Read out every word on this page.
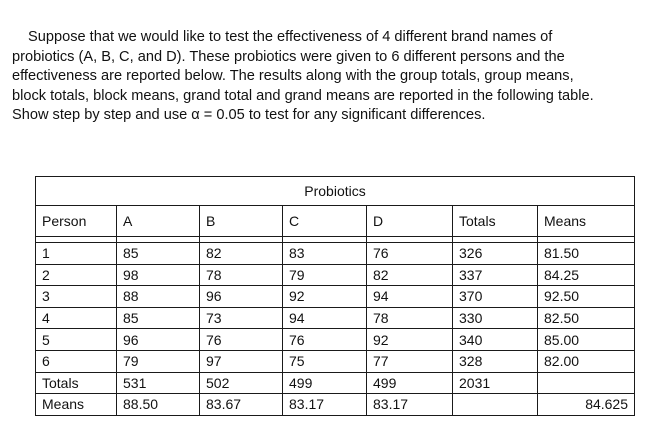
Suppose that we would like to test the effectiveness of 4 different brand names of
probiotics (A, B, C, and D). These probiotics were given to 6 different persons and the
effectiveness are reported below. The results along with the group totals, group means,
block totals, block means, grand total and grand means are reported in the following table.
Show step by step and use α = 0.05 to test for any significant differences.
Probiotics						
Person	A	B	C	D	Totals	Means

1	85	82	83	76	326	81.50
2	98	78	79	82	337	84.25
3	88	96	92	94	370	92.50
4	85	73	94	78	330	82.50
5	96	76	76	92	340	85.00
6	79	97	75	77	328	82.00
Totals	531	502	499	499	2031	
Means	88.50	83.67	83.17	83.17		84.625
